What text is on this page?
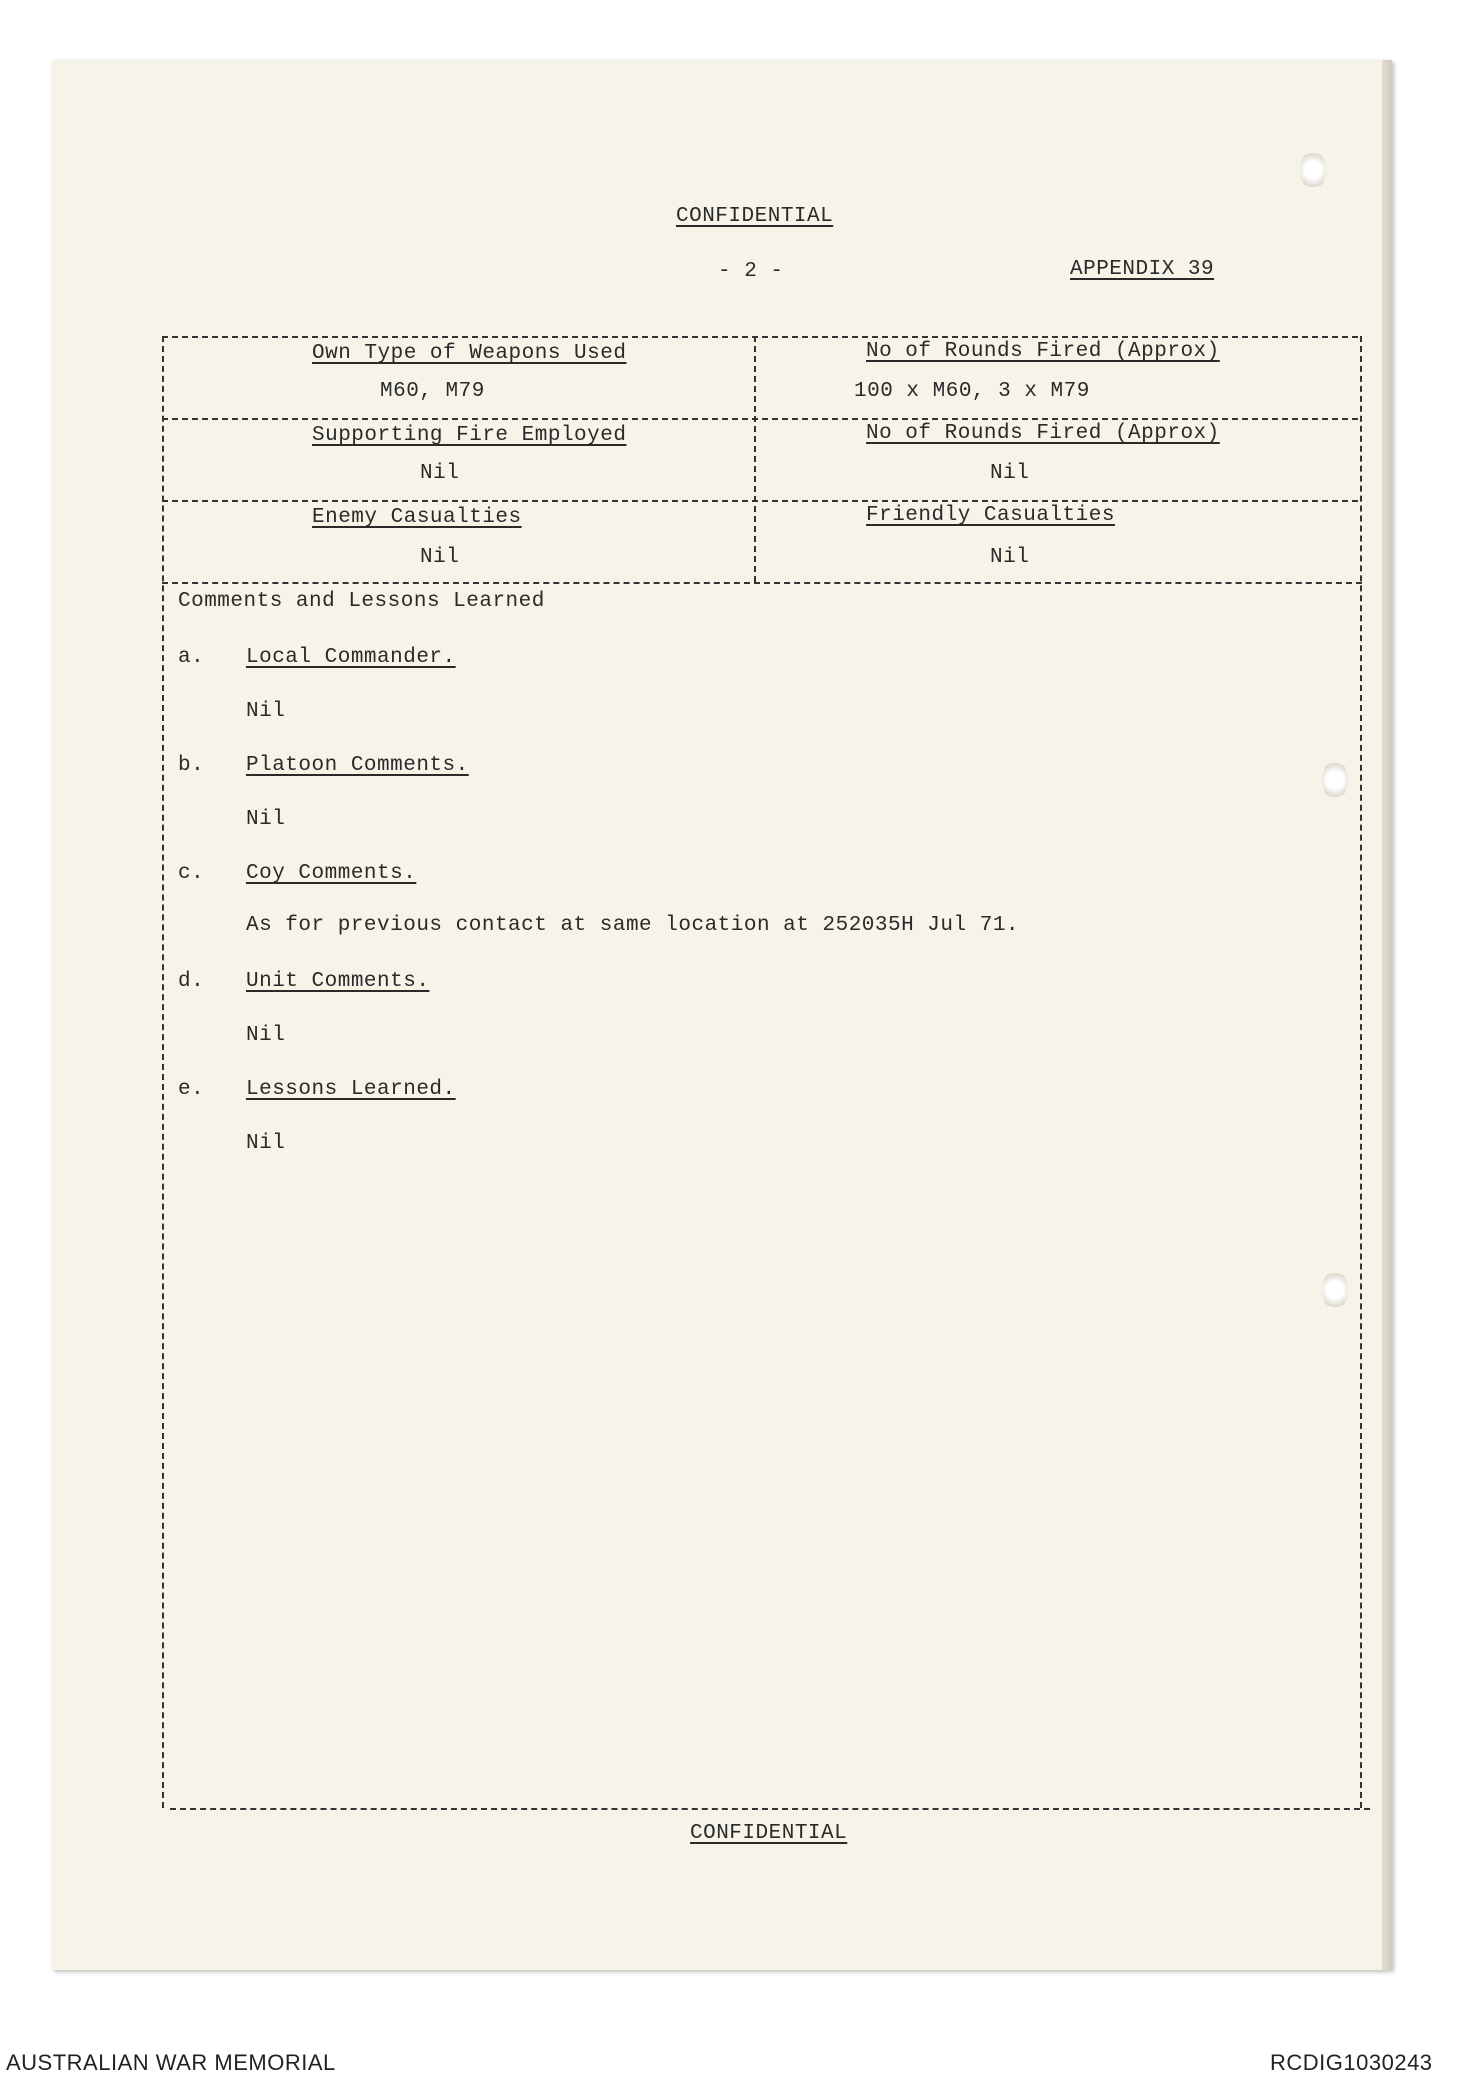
CONFIDENTIAL
- 2 -	APPENDIX 39
Own Type of Weapons Used
M60, M79
No of Rounds Fired (Approx)
100 x M60, 3 x M79
Supporting Fire Employed
Nil
No of Rounds Fired (Approx)
Nil
Enemy Casualties
Nil
Friendly Casualties
Nil
Comments and Lessons Learned
a. Local Commander.
Nil
b. Platoon Comments.
Nil
c. Coy Comments.
As for previous contact at same location at 252035H Jul 71.
d. Unit Comments.
Nil
e. Lessons Learned.
Nil
CONFIDENTIAL
AUSTRALIAN WAR MEMORIAL	RCDIG1030243
